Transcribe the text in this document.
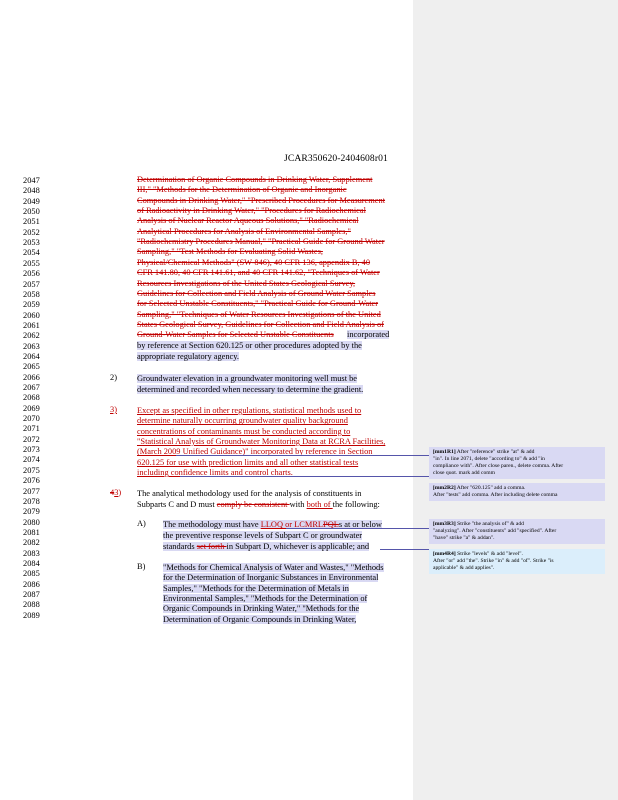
JCAR350620-2404608r01
2047
2048
2049
2050
2051
2052
2053
2054
2055
2056
2057
2058
2059
2060
2061
2062
2063
2064
2065
2066
2067
2068
2069
2070
2071
2072
2073
2074
2075
2076
2077
2078
2079
2080
2081
2082
2083
2084
2085
2086
2087
2088
2089
Determination of Organic Compounds in Drinking Water, Supplement
III," "Methods for the Determination of Organic and Inorganic
Compounds in Drinking Water," "Prescribed Procedures for Measurement
of Radioactivity in Drinking Water," "Procedures for Radiochemical
Analysis of Nuclear Reactor Aqueous Solutions," "Radiochemical
Analytical Procedures for Analysis of Environmental Samples,"
"Radiochemistry Procedures Manual," "Practical Guide for Ground Water
Sampling," "Test Methods for Evaluating Solid Wastes,
Physical/Chemical Methods" (SW-846), 40 CFR 136, appendix B, 40
CFR 141.80, 40 CFR 141.61, and 40 CFR 141.62, "Techniques of Water
Resources Investigations of the United States Geological Survey,
Guidelines for Collection and Field Analysis of Ground Water Samples
for Selected Unstable Constituents," "Practical Guide for Ground-Water
Sampling," "Techniques of Water Resources Investigations of the United
States Geological Survey, Guidelines for Collection and Field Analysis of
Ground-Water Samples for Selected Unstable Constituents incorporated
by reference at Section 620.125 or other procedures adopted by the
appropriate regulatory agency.
2) Groundwater elevation in a groundwater monitoring well must be
determined and recorded when necessary to determine the gradient.
3) Except as specified in other regulations, statistical methods used to
determine naturally occurring groundwater quality background
concentrations of contaminants must be conducted according to
"Statistical Analysis of Groundwater Monitoring Data at RCRA Facilities,
(March 2009 Unified Guidance)" incorporated by reference in Section
620.125 for use with prediction limits and all other statistical tests
including confidence limits and control charts.
43) The analytical methodology used for the analysis of constituents in
Subparts C and D must comply be consistent with both of the following:
A) The methodology must have LLOQ or LCMRLPQLs at or below
the preventive response levels of Subpart C or groundwater
standards set forth in Subpart D, whichever is applicable; and
B) "Methods for Chemical Analysis of Water and Wastes," "Methods
for the Determination of Inorganic Substances in Environmental
Samples," "Methods for the Determination of Metals in
Environmental Samples," "Methods for the Determination of
Organic Compounds in Drinking Water," "Methods for the
Determination of Organic Compounds in Drinking Water,
[mm1R1] After "reference" strike "at" & add
"in". In line 2071, delete "according to" & add "in
compliance with". After close paren., delete comma. After
close quot. mark add comm
[mm2R2] After "620.125" add a comma.
After "tests" add comma. After including delete comma
[mm3R3] Strike "the analysis of" & add
"analyzing". After "constituents" add "specified". After
"have" strike "a" & addan".
[mm4R4] Strike "levels" & add "level".
After "or" add "the". Strike "in" & add "of". Strike "is
applicable" & add applies".
